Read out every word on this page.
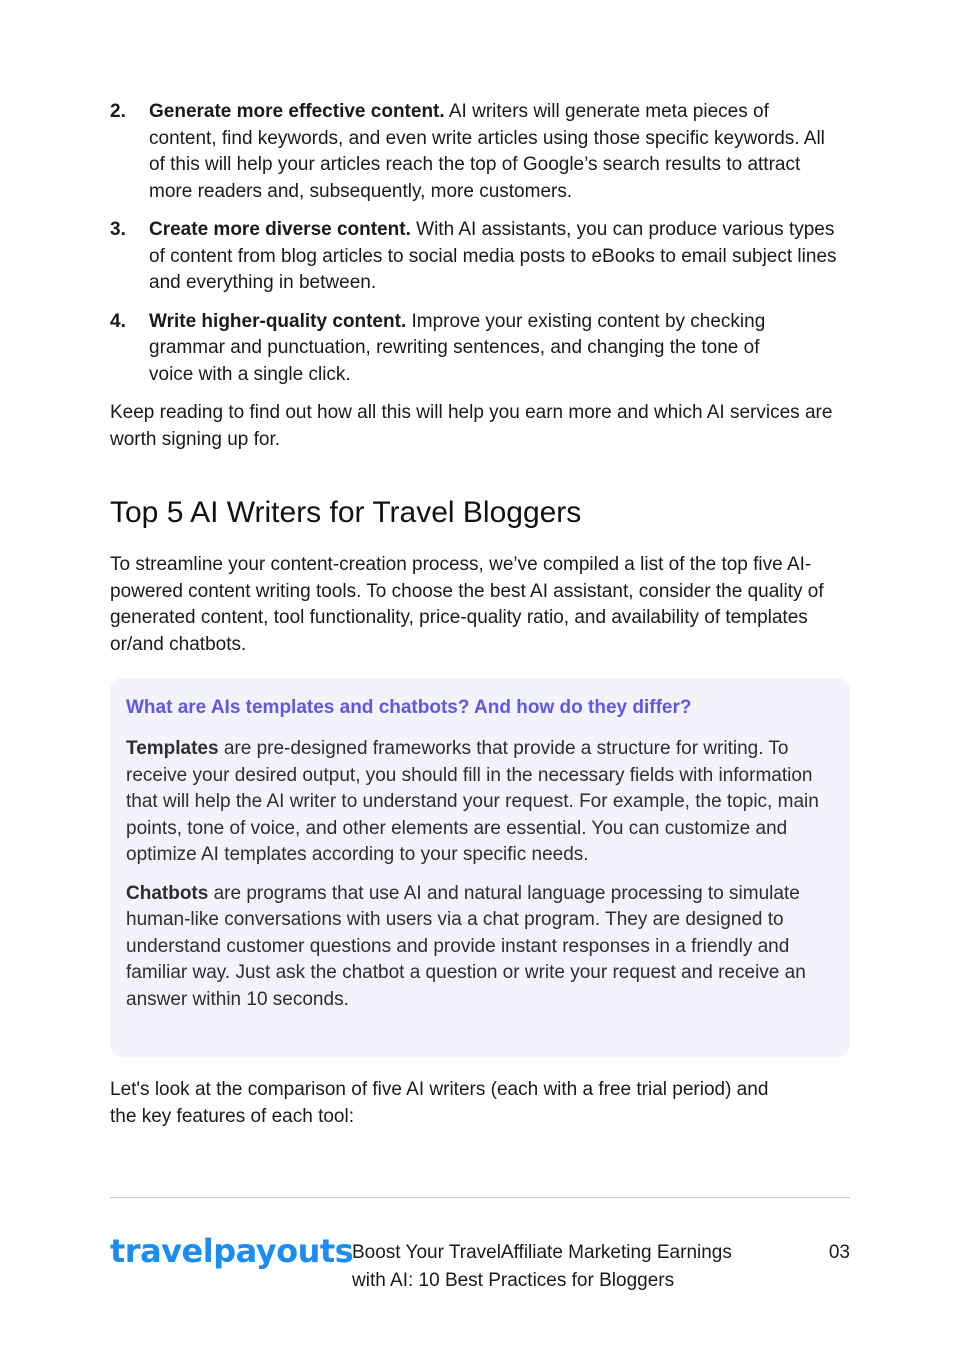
2. Generate more effective content. AI writers will generate meta pieces of content, find keywords, and even write articles using those specific keywords. All of this will help your articles reach the top of Google’s search results to attract more readers and, subsequently, more customers.
3. Create more diverse content. With AI assistants, you can produce various types of content from blog articles to social media posts to eBooks to email subject lines and everything in between.
4. Write higher-quality content. Improve your existing content by checking grammar and punctuation, rewriting sentences, and changing the tone of voice with a single click.

Keep reading to find out how all this will help you earn more and which AI services are worth signing up for.

Top 5 AI Writers for Travel Bloggers

To streamline your content-creation process, we’ve compiled a list of the top five AI-powered content writing tools. To choose the best AI assistant, consider the quality of generated content, tool functionality, price-quality ratio, and availability of templates or/and chatbots.

What are AIs templates and chatbots? And how do they differ?

Templates are pre-designed frameworks that provide a structure for writing. To receive your desired output, you should fill in the necessary fields with information that will help the AI writer to understand your request. For example, the topic, main points, tone of voice, and other elements are essential. You can customize and optimize AI templates according to your specific needs.

Chatbots are programs that use AI and natural language processing to simulate human-like conversations with users via a chat program. They are designed to understand customer questions and provide instant responses in a friendly and familiar way. Just ask the chatbot a question or write your request and receive an answer within 10 seconds.

Let's look at the comparison of five AI writers (each with a free trial period) and the key features of each tool:

travelpayouts
Boost Your TravelAffiliate Marketing Earnings
with AI: 10 Best Practices for Bloggers
03
